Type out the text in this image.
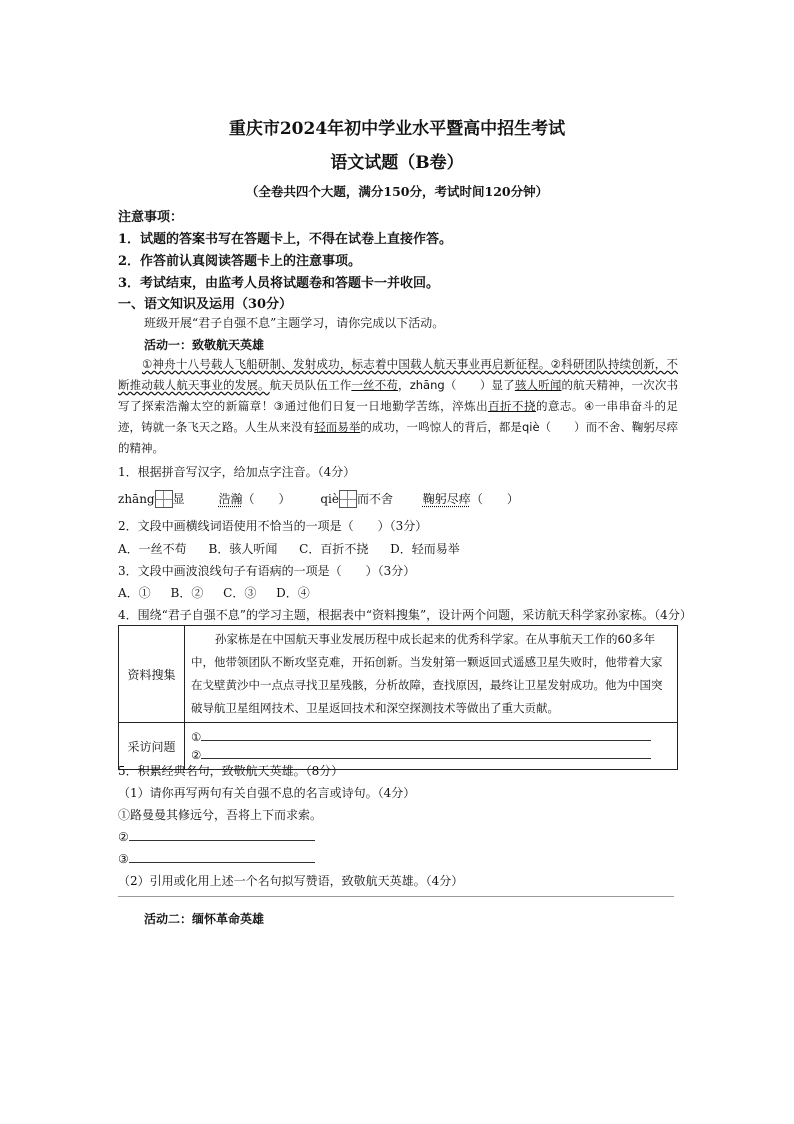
重庆市2024年初中学业水平暨高中招生考试
语文试题（B卷）
（全卷共四个大题，满分150分，考试时间120分钟）
注意事项：
1．试题的答案书写在答题卡上，不得在试卷上直接作答。
2．作答前认真阅读答题卡上的注意事项。
3．考试结束，由监考人员将试题卷和答题卡一并收回。
一、语文知识及运用（30分）
班级开展“君子自强不息”主题学习，请你完成以下活动。
活动一：致敬航天英雄
①神舟十八号载人飞船研制、发射成功，标志着中国载人航天事业再启新征程。②科研团队持续创新，不断推动载人航天事业的发展。航天员队伍工作一丝不苟，zhāng（　　）显了骇人听闻的航天精神，一次次书写了探索浩瀚太空的新篇章！③通过他们日复一日地勤学苦练，淬炼出百折不挠的意志。④一串串奋斗的足迹，铸就一条飞天之路。人生从来没有轻而易举的成功，一鸣惊人的背后，都是qiè（　　）而不舍、鞠躬尽瘁的精神。
1．根据拼音写汉字，给加点字注音。（4分）
zhāng 显	浩瀚（　　） qiè 而不舍 鞠躬尽瘁（　　）
2．文段中画横线词语使用不恰当的一项是（　　）（3分）
A．一丝不苟 B．骇人听闻 C．百折不挠 D．轻而易举
3．文段中画波浪线句子有语病的一项是（　　）（3分）
A．① B．② C．③ D．④
4．围绕“君子自强不息”的学习主题，根据表中“资料搜集”，设计两个问题，采访航天科学家孙家栋。（4分）
资料搜集	孙家栋是在中国航天事业发展历程中成长起来的优秀科学家。在从事航天工作的60多年中，他带领团队不断攻坚克难，开拓创新。当发射第一颗返回式遥感卫星失败时，他带着大家在戈壁黄沙中一点点寻找卫星残骸，分析故障，查找原因，最终让卫星发射成功。他为中国突破导航卫星组网技术、卫星返回技术和深空探测技术等做出了重大贡献。
采访问题	①
②
5．积累经典名句，致敬航天英雄。（8分）
（1）请你再写两句有关自强不息的名言或诗句。（4分）
①路曼曼其修远兮，吾将上下而求索。
②
③
（2）引用或化用上述一个名句拟写赞语，致敬航天英雄。（4分）
活动二：缅怀革命英雄
